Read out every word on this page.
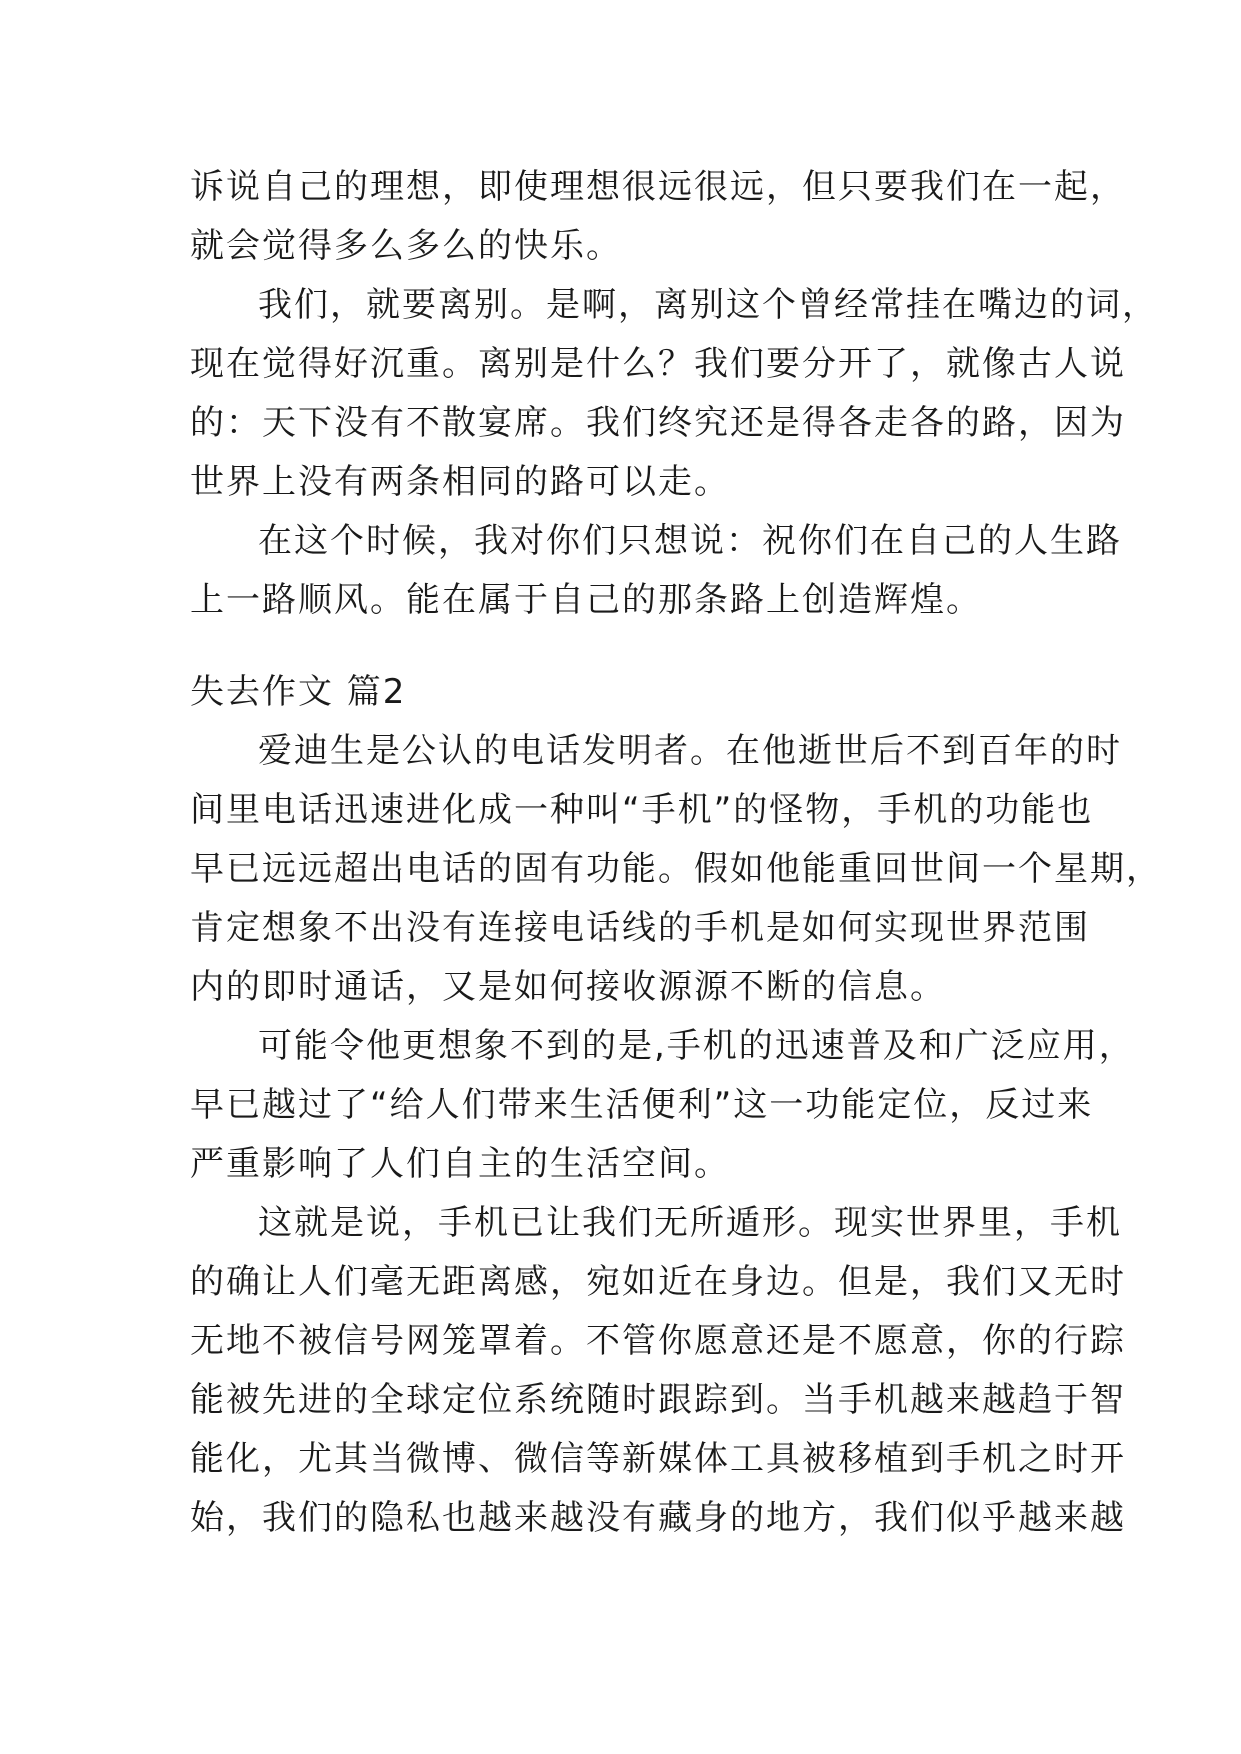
诉说自己的理想，即使理想很远很远，但只要我们在一起，
就会觉得多么多么的快乐。
我们，就要离别。是啊，离别这个曾经常挂在嘴边的词，
现在觉得好沉重。离别是什么？我们要分开了，就像古人说
的：天下没有不散宴席。我们终究还是得各走各的路，因为
世界上没有两条相同的路可以走。
在这个时候，我对你们只想说：祝你们在自己的人生路
上一路顺风。能在属于自己的那条路上创造辉煌。
失去作文 篇2
爱迪生是公认的电话发明者。在他逝世后不到百年的时
间里电话迅速进化成一种叫“手机”的怪物，手机的功能也
早已远远超出电话的固有功能。假如他能重回世间一个星期，
肯定想象不出没有连接电话线的手机是如何实现世界范围
内的即时通话，又是如何接收源源不断的信息。
可能令他更想象不到的是,手机的迅速普及和广泛应用，
早已越过了“给人们带来生活便利”这一功能定位，反过来
严重影响了人们自主的生活空间。
这就是说，手机已让我们无所遁形。现实世界里，手机
的确让人们毫无距离感，宛如近在身边。但是，我们又无时
无地不被信号网笼罩着。不管你愿意还是不愿意，你的行踪
能被先进的全球定位系统随时跟踪到。当手机越来越趋于智
能化，尤其当微博、微信等新媒体工具被移植到手机之时开
始，我们的隐私也越来越没有藏身的地方，我们似乎越来越
